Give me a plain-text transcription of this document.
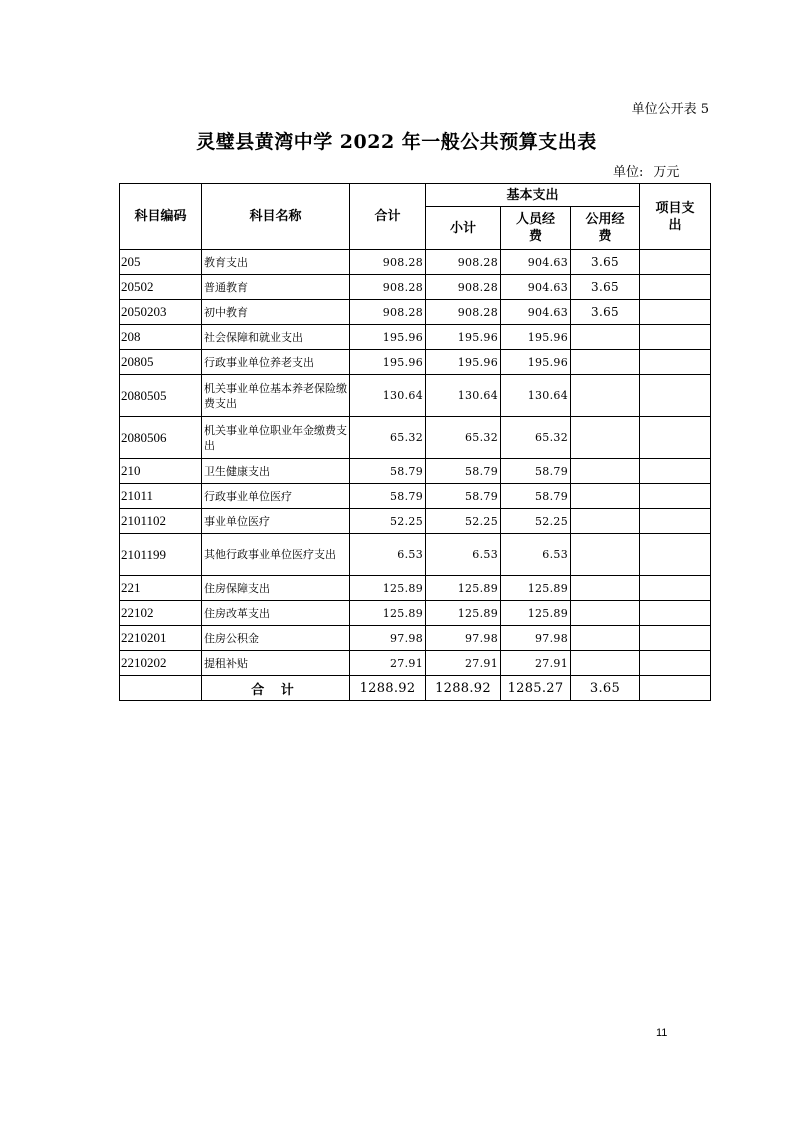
单位公开表 5
灵璧县黄湾中学 2022 年一般公共预算支出表
单位: 万元
科目编码	科目名称	合计	基本支出			项目支出
			小计	人员经费	公用经费	
205	教育支出	908.28	908.28	904.63	3.65	
20502	普通教育	908.28	908.28	904.63	3.65	
2050203	初中教育	908.28	908.28	904.63	3.65	
208	社会保障和就业支出	195.96	195.96	195.96		
20805	行政事业单位养老支出	195.96	195.96	195.96		
2080505	机关事业单位基本养老保险缴费支出	130.64	130.64	130.64		
2080506	机关事业单位职业年金缴费支出	65.32	65.32	65.32		
210	卫生健康支出	58.79	58.79	58.79		
21011	行政事业单位医疗	58.79	58.79	58.79		
2101102	事业单位医疗	52.25	52.25	52.25		
2101199	其他行政事业单位医疗支出	6.53	6.53	6.53		
221	住房保障支出	125.89	125.89	125.89		
22102	住房改革支出	125.89	125.89	125.89		
2210201	住房公积金	97.98	97.98	97.98		
2210202	提租补贴	27.91	27.91	27.91		
	合 计	1288.92	1288.92	1285.27	3.65	
11
